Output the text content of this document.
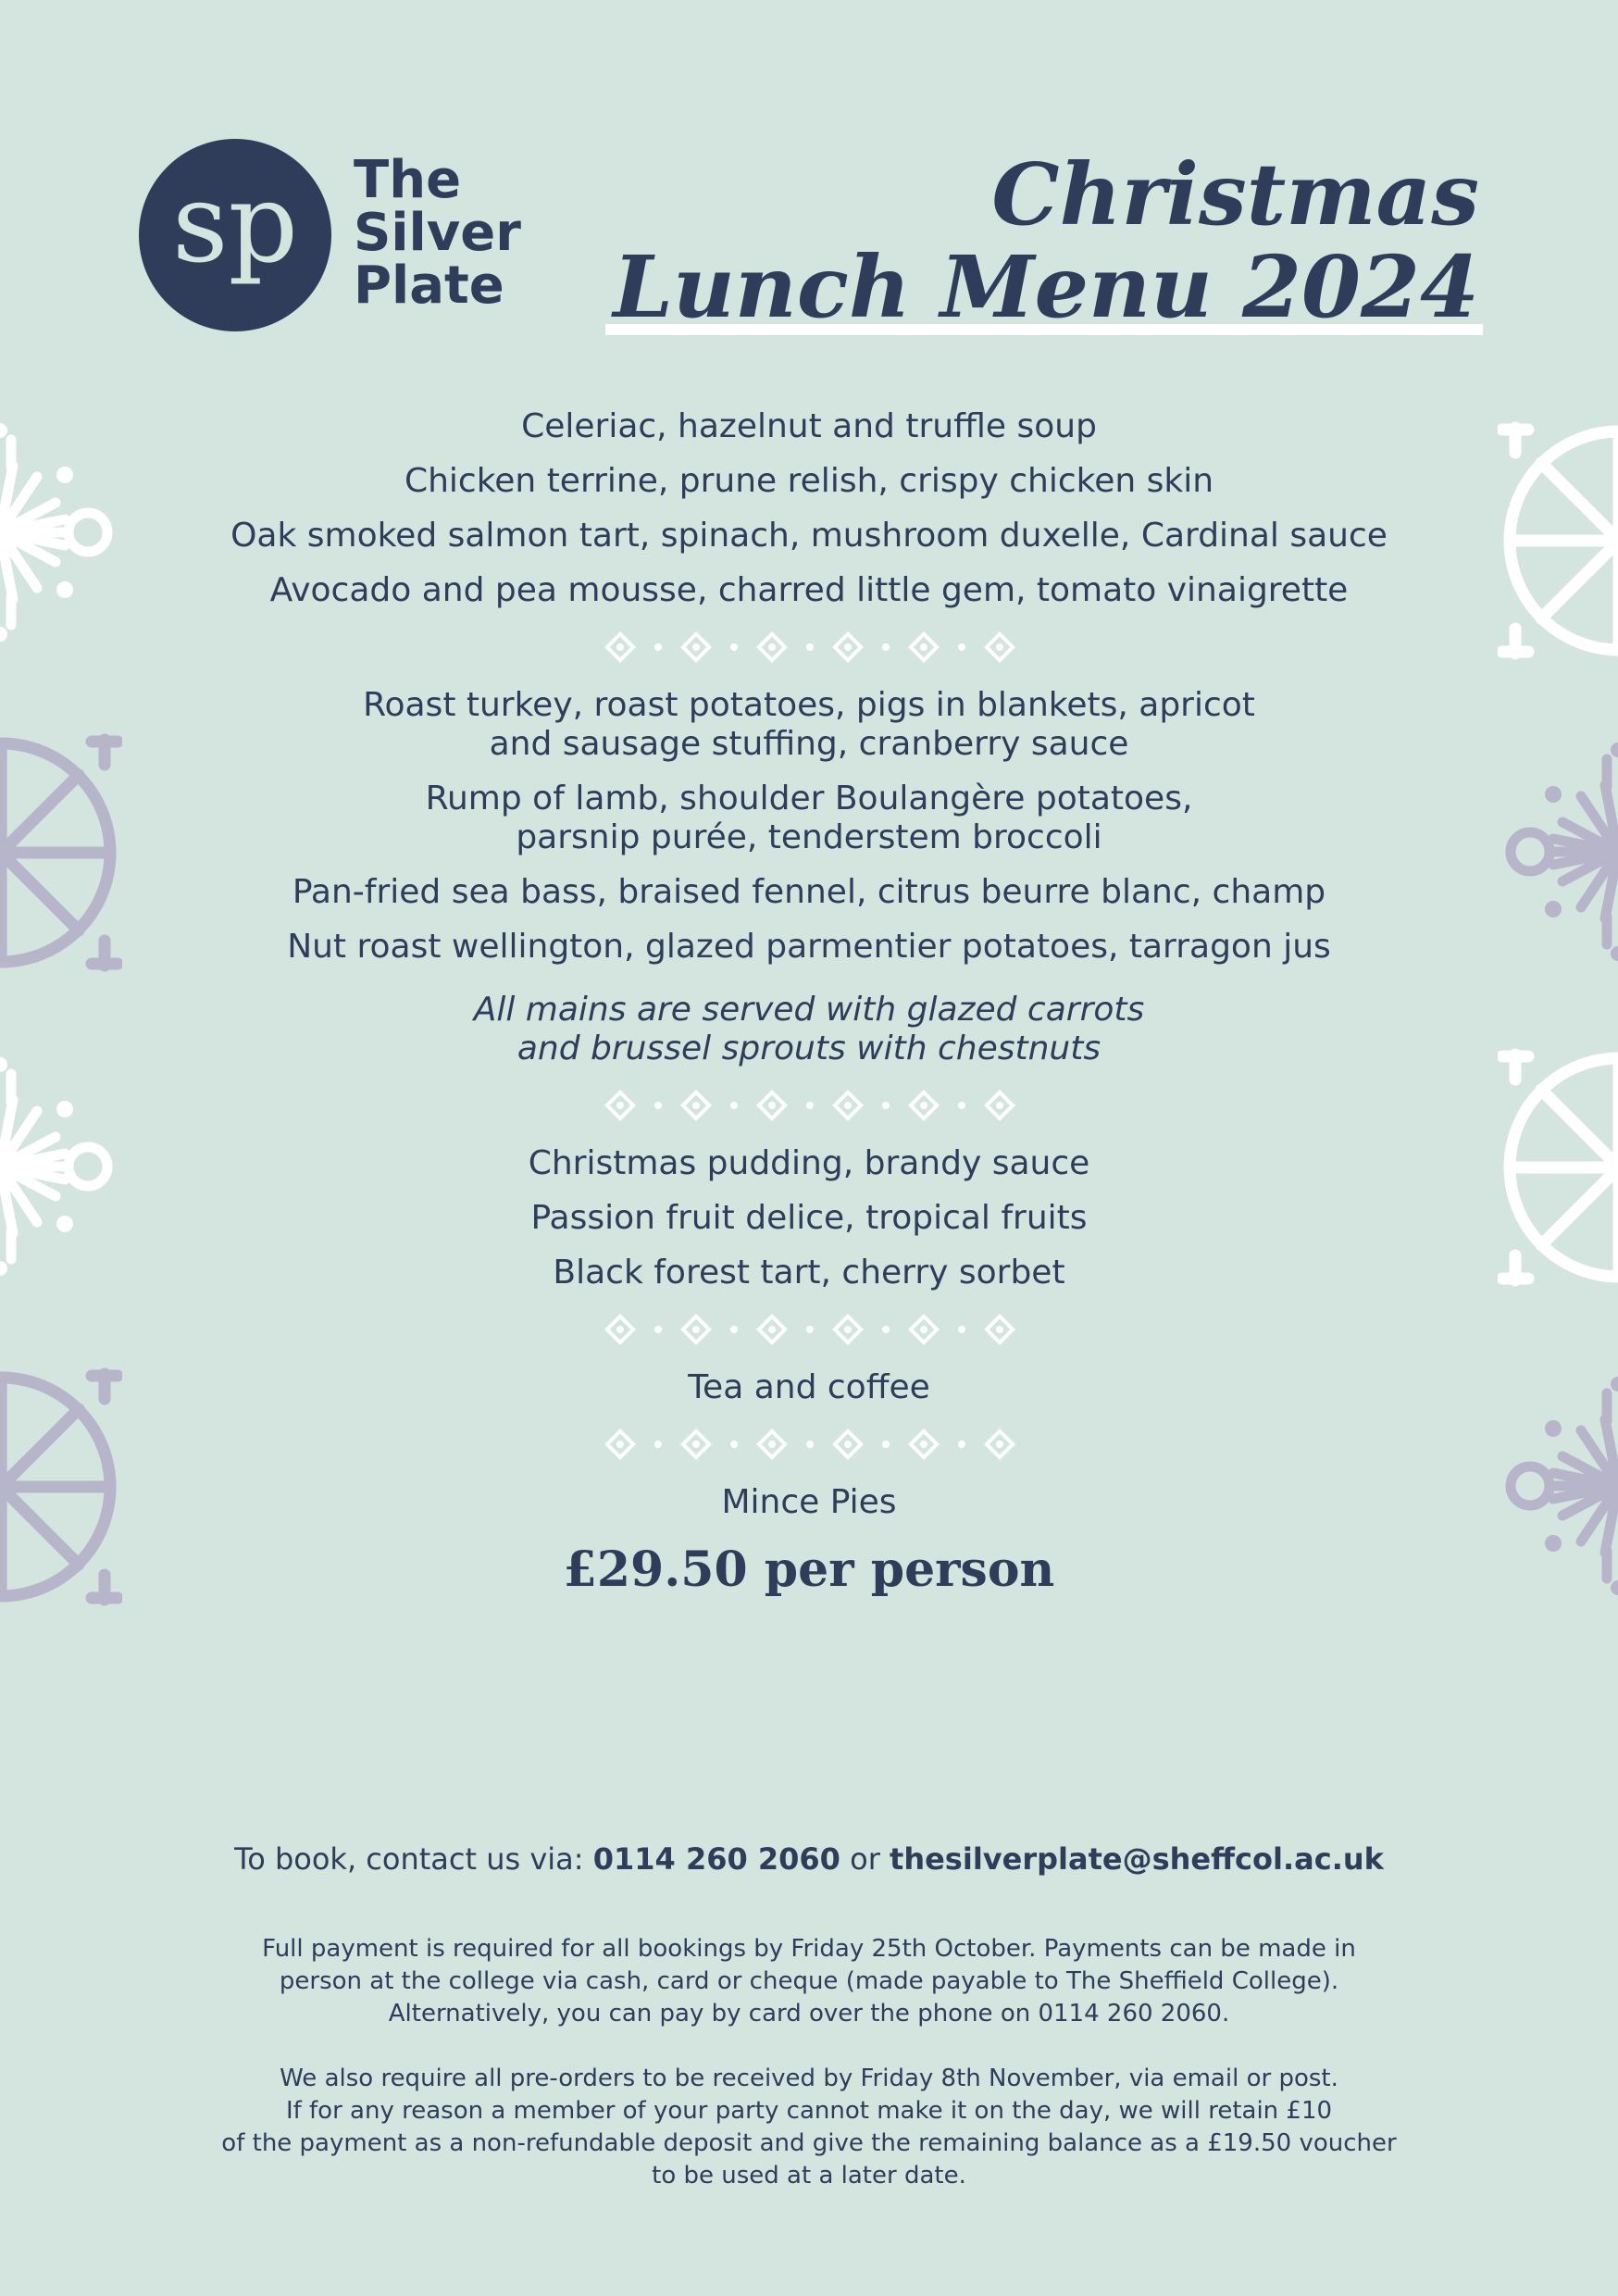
sp The
Silver
Plate
Christmas
Lunch Menu 2024
Celeriac, hazelnut and truffle soup
Chicken terrine, prune relish, crispy chicken skin
Oak smoked salmon tart, spinach, mushroom duxelle, Cardinal sauce
Avocado and pea mousse, charred little gem, tomato vinaigrette
Roast turkey, roast potatoes, pigs in blankets, apricot
and sausage stuffing, cranberry sauce
Rump of lamb, shoulder Boulangère potatoes,
parsnip purée, tenderstem broccoli
Pan-fried sea bass, braised fennel, citrus beurre blanc, champ
Nut roast wellington, glazed parmentier potatoes, tarragon jus
All mains are served with glazed carrots
and brussel sprouts with chestnuts
Christmas pudding, brandy sauce
Passion fruit delice, tropical fruits
Black forest tart, cherry sorbet
Tea and coffee
Mince Pies
£29.50 per person
To book, contact us via: 0114 260 2060 or thesilverplate@sheffcol.ac.uk

Full payment is required for all bookings by Friday 25th October. Payments can be made in
person at the college via cash, card or cheque (made payable to The Sheffield College).
Alternatively, you can pay by card over the phone on 0114 260 2060.

We also require all pre-orders to be received by Friday 8th November, via email or post.
If for any reason a member of your party cannot make it on the day, we will retain £10
of the payment as a non-refundable deposit and give the remaining balance as a £19.50 voucher
to be used at a later date.
